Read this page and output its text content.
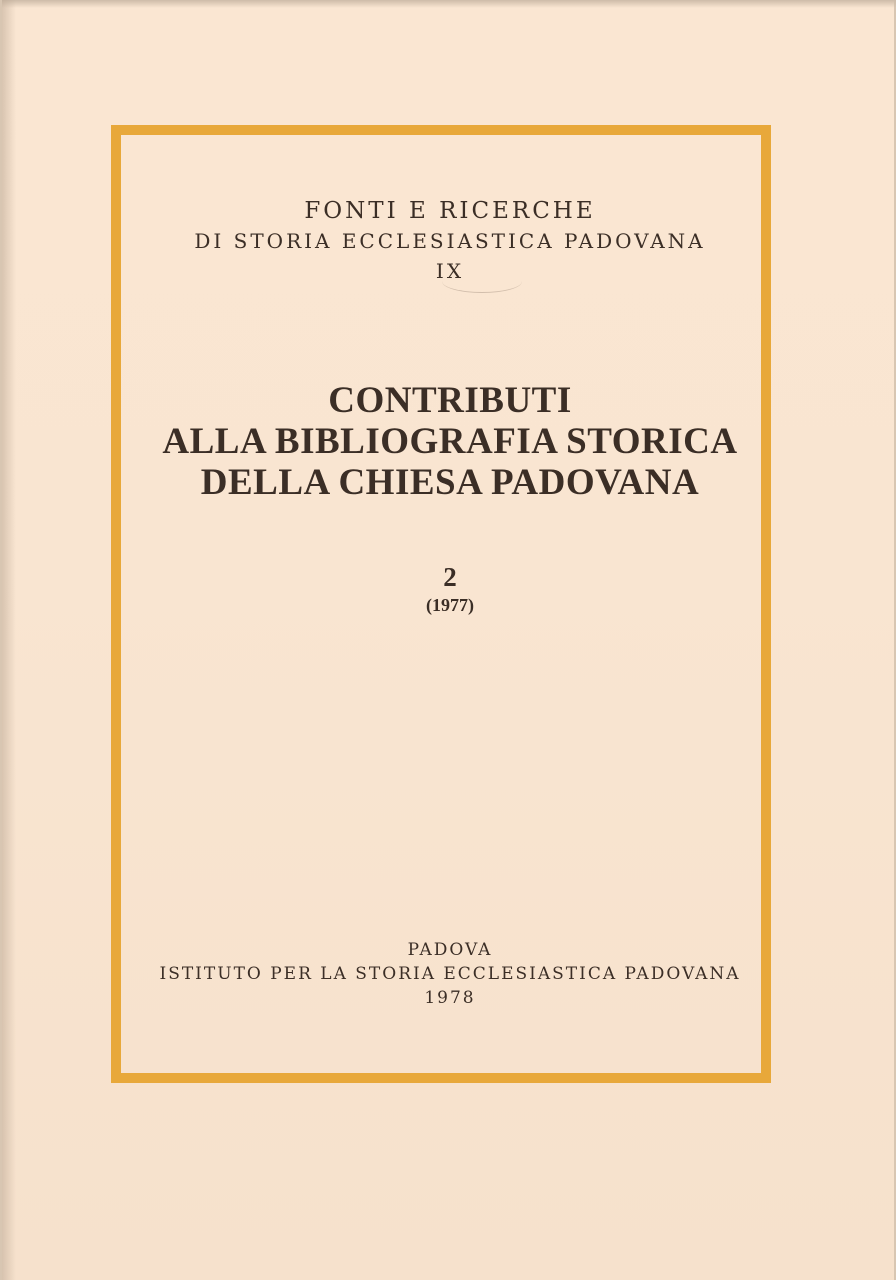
FONTI E RICERCHE
DI STORIA ECCLESIASTICA PADOVANA
IX
CONTRIBUTI
ALLA BIBLIOGRAFIA STORICA
DELLA CHIESA PADOVANA
2
(1977)
PADOVA
ISTITUTO PER LA STORIA ECCLESIASTICA PADOVANA
1978
